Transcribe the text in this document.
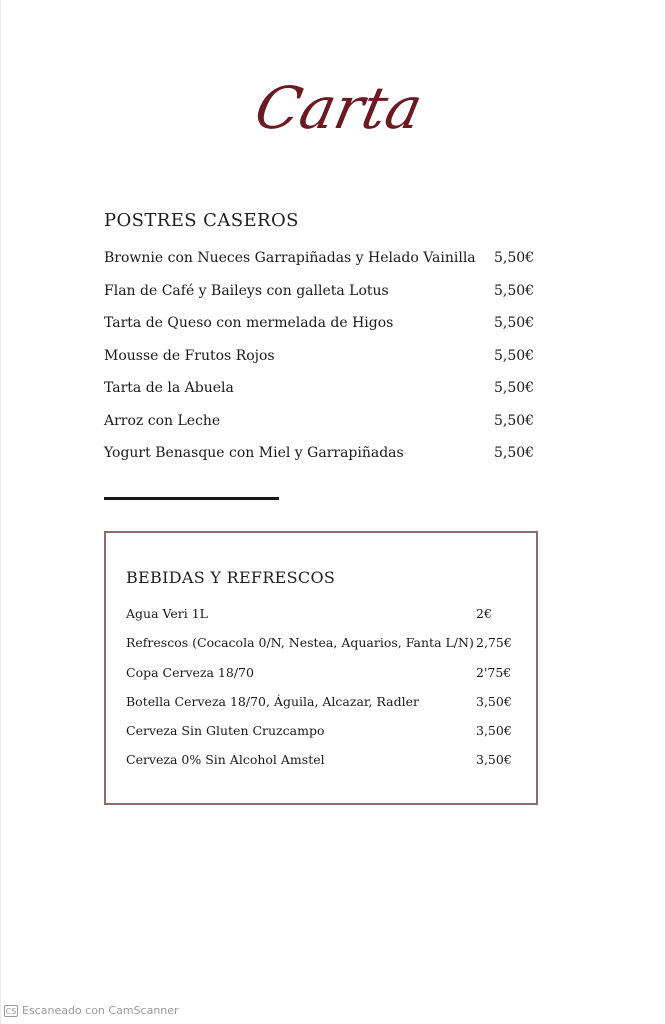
Carta
POSTRES CASEROS
Brownie con Nueces Garrapiñadas y Helado Vainilla 5,50€
Flan de Café y Baileys con galleta Lotus	5,50€
Tarta de Queso con mermelada de Higos	5,50€
Mousse de Frutos Rojos	5,50€
Tarta de la Abuela	5,50€
Arroz con Leche	5,50€
Yogurt Benasque con Miel y Garrapiñadas	5,50€
BEBIDAS Y REFRESCOS
Agua Veri 1L	2€
Refrescos (Cocacola 0/N, Nestea, Aquarios, Fanta L/N) 2,75€
Copa Cerveza 18/70	2'75€
Botella Cerveza 18/70, Águila, Alcazar, Radler	3,50€
Cerveza Sin Gluten Cruzcampo	3,50€
Cerveza 0% Sin Alcohol Amstel	3,50€
CS Escaneado con CamScanner
